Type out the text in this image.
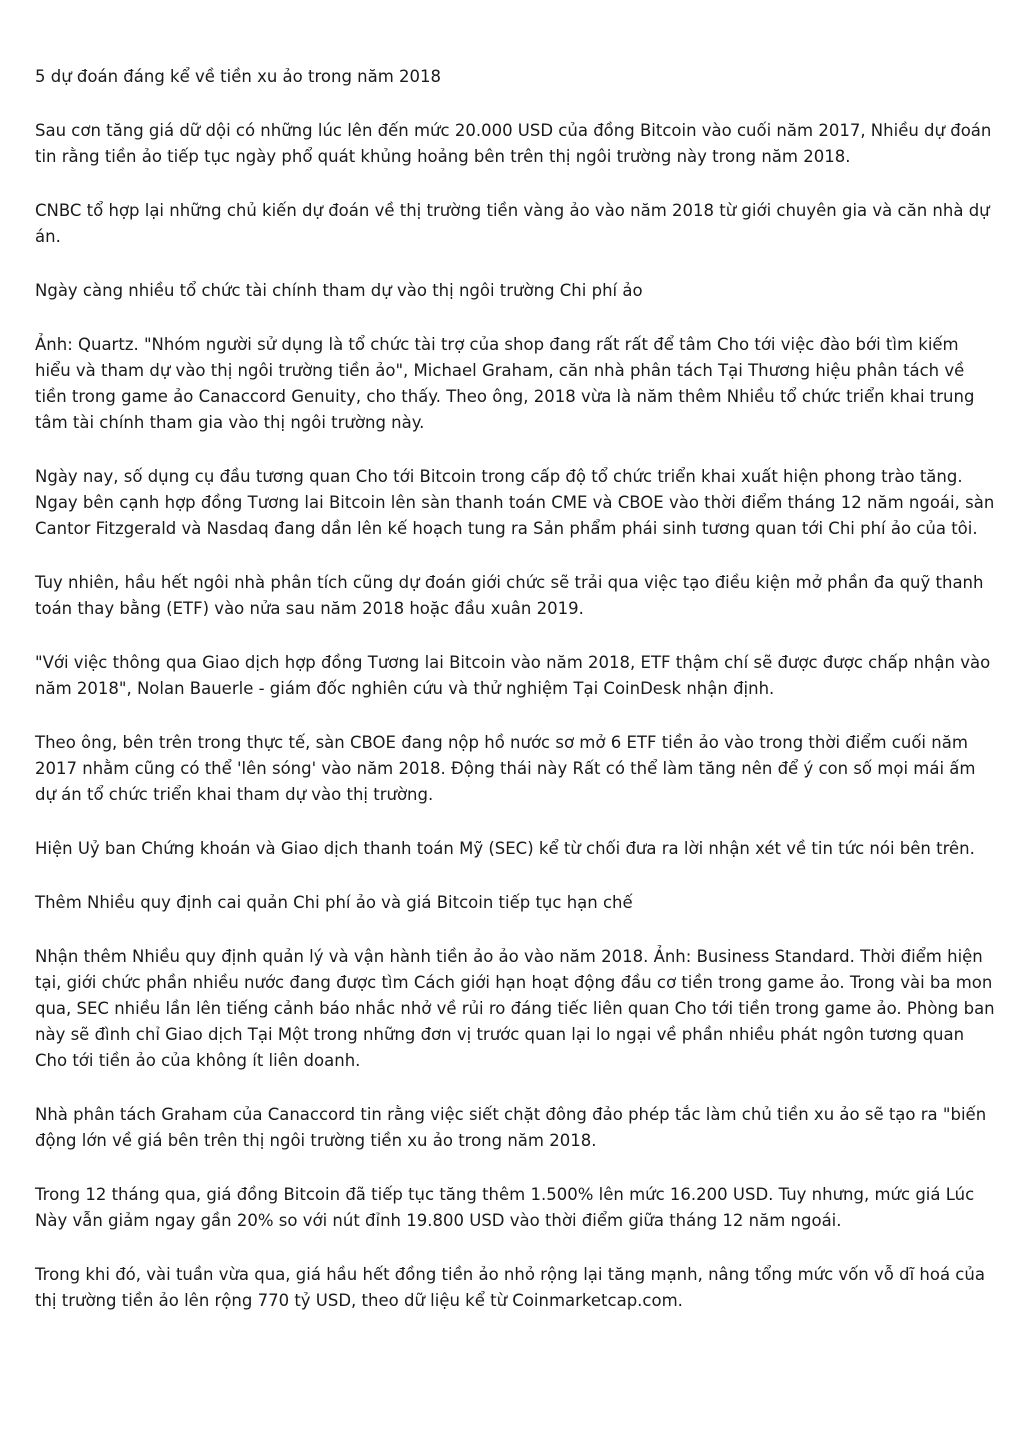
5 dự đoán đáng kể về tiền xu ảo trong năm 2018

Sau cơn tăng giá dữ dội có những lúc lên đến mức 20.000 USD của đồng Bitcoin vào cuối năm 2017, Nhiều dự đoán tin rằng tiền ảo tiếp tục ngày phổ quát khủng hoảng bên trên thị ngôi trường này trong năm 2018.

CNBC tổ hợp lại những chủ kiến dự đoán về thị trường tiền vàng ảo vào năm 2018 từ giới chuyên gia và căn nhà dự án.

Ngày càng nhiều tổ chức tài chính tham dự vào thị ngôi trường Chi phí ảo

Ảnh: Quartz. "Nhóm người sử dụng là tổ chức tài trợ của shop đang rất rất để tâm Cho tới việc đào bới tìm kiếm hiểu và tham dự vào thị ngôi trường tiền ảo", Michael Graham, căn nhà phân tách Tại Thương hiệu phân tách về tiền trong game ảo Canaccord Genuity, cho thấy. Theo ông, 2018 vừa là năm thêm Nhiều tổ chức triển khai trung tâm tài chính tham gia vào thị ngôi trường này.

Ngày nay, số dụng cụ đầu tương quan Cho tới Bitcoin trong cấp độ tổ chức triển khai xuất hiện phong trào tăng. Ngay bên cạnh hợp đồng Tương lai Bitcoin lên sàn thanh toán CME và CBOE vào thời điểm tháng 12 năm ngoái, sàn Cantor Fitzgerald và Nasdaq đang dần lên kế hoạch tung ra Sản phẩm phái sinh tương quan tới Chi phí ảo của tôi.

Tuy nhiên, hầu hết ngôi nhà phân tích cũng dự đoán giới chức sẽ trải qua việc tạo điều kiện mở phần đa quỹ thanh toán thay bằng (ETF) vào nửa sau năm 2018 hoặc đầu xuân 2019.

"Với việc thông qua Giao dịch hợp đồng Tương lai Bitcoin vào năm 2018, ETF thậm chí sẽ được được chấp nhận vào năm 2018", Nolan Bauerle - giám đốc nghiên cứu và thử nghiệm Tại CoinDesk nhận định.

Theo ông, bên trên trong thực tế, sàn CBOE đang nộp hồ nước sơ mở 6 ETF tiền ảo vào trong thời điểm cuối năm 2017 nhằm cũng có thể 'lên sóng' vào năm 2018. Động thái này Rất có thể làm tăng nên để ý con số mọi mái ấm dự án tổ chức triển khai tham dự vào thị trường.

Hiện Uỷ ban Chứng khoán và Giao dịch thanh toán Mỹ (SEC) kể từ chối đưa ra lời nhận xét về tin tức nói bên trên.

Thêm Nhiều quy định cai quản Chi phí ảo và giá Bitcoin tiếp tục hạn chế

Nhận thêm Nhiều quy định quản lý và vận hành tiền ảo ảo vào năm 2018. Ảnh: Business Standard. Thời điểm hiện tại, giới chức phần nhiều nước đang được tìm Cách giới hạn hoạt động đầu cơ tiền trong game ảo. Trong vài ba mon qua, SEC nhiều lần lên tiếng cảnh báo nhắc nhở về rủi ro đáng tiếc liên quan Cho tới tiền trong game ảo. Phòng ban này sẽ đình chỉ Giao dịch Tại Một trong những đơn vị trước quan lại lo ngại về phần nhiều phát ngôn tương quan Cho tới tiền ảo của không ít liên doanh.

Nhà phân tách Graham của Canaccord tin rằng việc siết chặt đông đảo phép tắc làm chủ tiền xu ảo sẽ tạo ra "biến động lớn về giá bên trên thị ngôi trường tiền xu ảo trong năm 2018.

Trong 12 tháng qua, giá đồng Bitcoin đã tiếp tục tăng thêm 1.500% lên mức 16.200 USD. Tuy nhưng, mức giá Lúc Này vẫn giảm ngay gần 20% so với nút đỉnh 19.800 USD vào thời điểm giữa tháng 12 năm ngoái.

Trong khi đó, vài tuần vừa qua, giá hầu hết đồng tiền ảo nhỏ rộng lại tăng mạnh, nâng tổng mức vốn vỗ dĩ hoá của thị trường tiền ảo lên rộng 770 tỷ USD, theo dữ liệu kể từ Coinmarketcap.com.
